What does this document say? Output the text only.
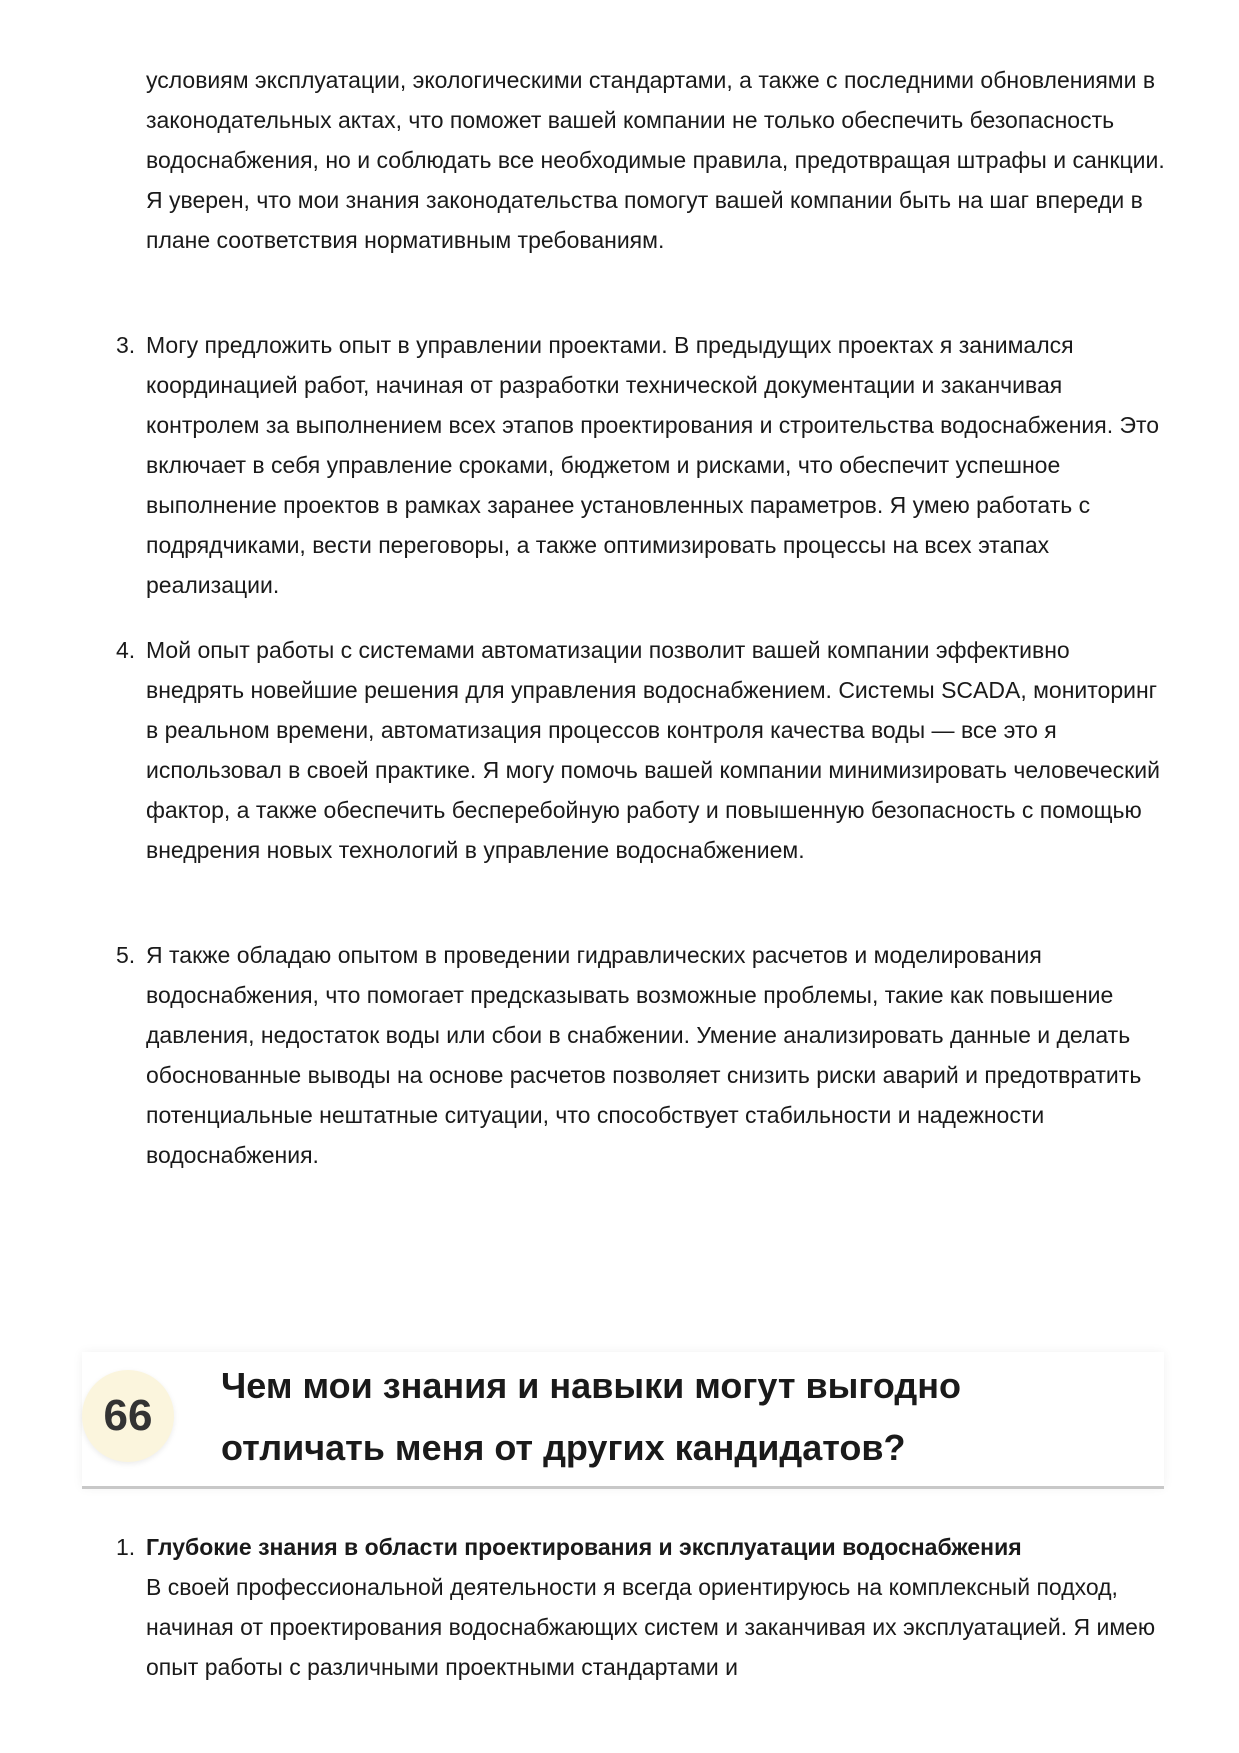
условиям эксплуатации, экологическими стандартами, а также с последними обновлениями в законодательных актах, что поможет вашей компании не только обеспечить безопасность водоснабжения, но и соблюдать все необходимые правила, предотвращая штрафы и санкции. Я уверен, что мои знания законодательства помогут вашей компании быть на шаг впереди в плане соответствия нормативным требованиям.

3. Могу предложить опыт в управлении проектами. В предыдущих проектах я занимался координацией работ, начиная от разработки технической документации и заканчивая контролем за выполнением всех этапов проектирования и строительства водоснабжения. Это включает в себя управление сроками, бюджетом и рисками, что обеспечит успешное выполнение проектов в рамках заранее установленных параметров. Я умею работать с подрядчиками, вести переговоры, а также оптимизировать процессы на всех этапах реализации.

4. Мой опыт работы с системами автоматизации позволит вашей компании эффективно внедрять новейшие решения для управления водоснабжением. Системы SCADA, мониторинг в реальном времени, автоматизация процессов контроля качества воды — все это я использовал в своей практике. Я могу помочь вашей компании минимизировать человеческий фактор, а также обеспечить бесперебойную работу и повышенную безопасность с помощью внедрения новых технологий в управление водоснабжением.

5. Я также обладаю опытом в проведении гидравлических расчетов и моделирования водоснабжения, что помогает предсказывать возможные проблемы, такие как повышение давления, недостаток воды или сбои в снабжении. Умение анализировать данные и делать обоснованные выводы на основе расчетов позволяет снизить риски аварий и предотвратить потенциальные нештатные ситуации, что способствует стабильности и надежности водоснабжения.

66
Чем мои знания и навыки могут выгодно отличать меня от других кандидатов?
1. Глубокие знания в области проектирования и эксплуатации водоснабжения

В своей профессиональной деятельности я всегда ориентируюсь на комплексный подход, начиная от проектирования водоснабжающих систем и заканчивая их эксплуатацией. Я имею опыт работы с различными проектными стандартами и
